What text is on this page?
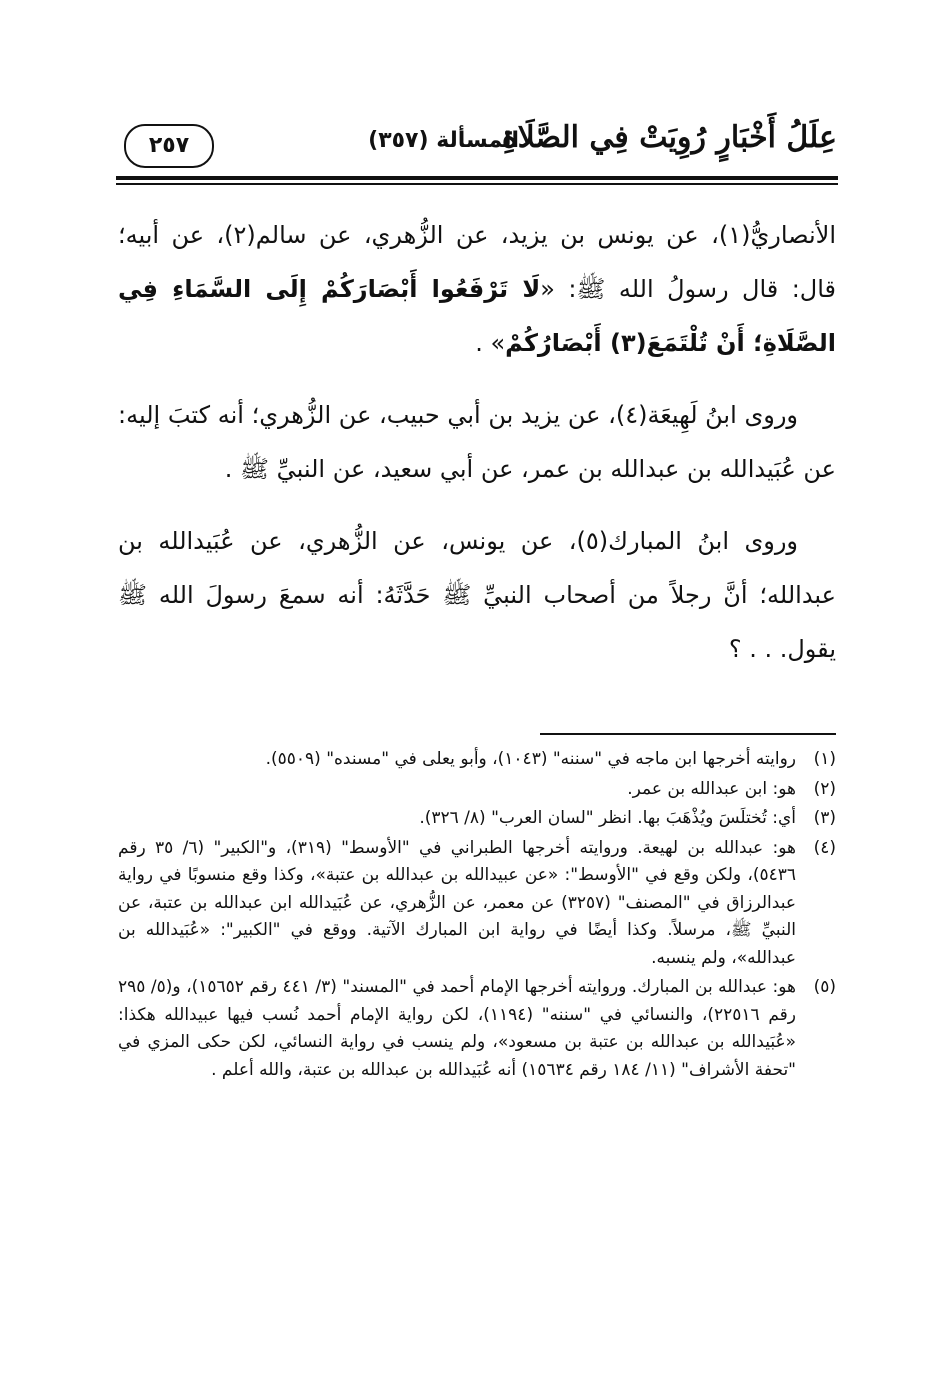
عِلَلُ أَخْبَارٍ رُوِيَتْ فِي الصَّلَاةِ
المسألة (٣٥٧)
٢٥٧

الأنصاريُّ(١)، عن يونس بن يزيد، عن الزُّهري، عن سالم(٢)، عن أبيه؛ قال: قال رسولُ الله ﷺ: «لَا تَرْفَعُوا أَبْصَارَكُمْ إِلَى السَّمَاءِ فِي الصَّلَاةِ؛ أَنْ تُلْتَمَعَ(٣) أَبْصَارُكُمْ» .

وروى ابنُ لَهِيعَة(٤)، عن يزيد بن أبي حبيب، عن الزُّهري؛ أنه كتبَ إليه: عن عُبَيدالله بن عبدالله بن عمر، عن أبي سعيد، عن النبيِّ ﷺ .

وروى ابنُ المبارك(٥)، عن يونس، عن الزُّهري، عن عُبَيدالله بن عبدالله؛ أنَّ رجلاً من أصحاب النبيِّ ﷺ حَدَّثَهُ: أنه سمعَ رسولَ الله ﷺ يقول. . . ؟

(١)
روايته أخرجها ابن ماجه في "سننه" (١٠٤٣)، وأبو يعلى في "مسنده" (٥٥٠٩).
(٢)
هو: ابن عبدالله بن عمر.
(٣)
أي: تُختلَسَ ويُذْهَبَ بها. انظر "لسان العرب" (٨/ ٣٢٦).
(٤)
هو: عبدالله بن لهيعة. وروايته أخرجها الطبراني في "الأوسط" (٣١٩)، و"الكبير" (٦/ ٣٥ رقم ٥٤٣٦)، ولكن وقع في "الأوسط": «عن عبيدالله بن عبدالله بن عتبة»، وكذا وقع منسوبًا في رواية عبدالرزاق في "المصنف" (٣٢٥٧) عن معمر، عن الزُّهري، عن عُبَيدالله ابن عبدالله بن عتبة، عن النبيِّ ﷺ، مرسلاً. وكذا أيضًا في رواية ابن المبارك الآتية. ووقع في "الكبير": «عُبَيدالله بن عبدالله»، ولم ينسبه.
(٥)
هو: عبدالله بن المبارك. وروايته أخرجها الإمام أحمد في "المسند" (٣/ ٤٤١ رقم ١٥٦٥٢)، و(٥/ ٢٩٥ رقم ٢٢٥١٦)، والنسائي في "سننه" (١١٩٤)، لكن رواية الإمام أحمد نُسب فيها عبيدالله هكذا: «عُبَيدالله بن عبدالله بن عتبة بن مسعود»، ولم ينسب في رواية النسائي، لكن حكى المزي في "تحفة الأشراف" (١١/ ١٨٤ رقم ١٥٦٣٤) أنه عُبَيدالله بن عبدالله بن عتبة، والله أعلم .
